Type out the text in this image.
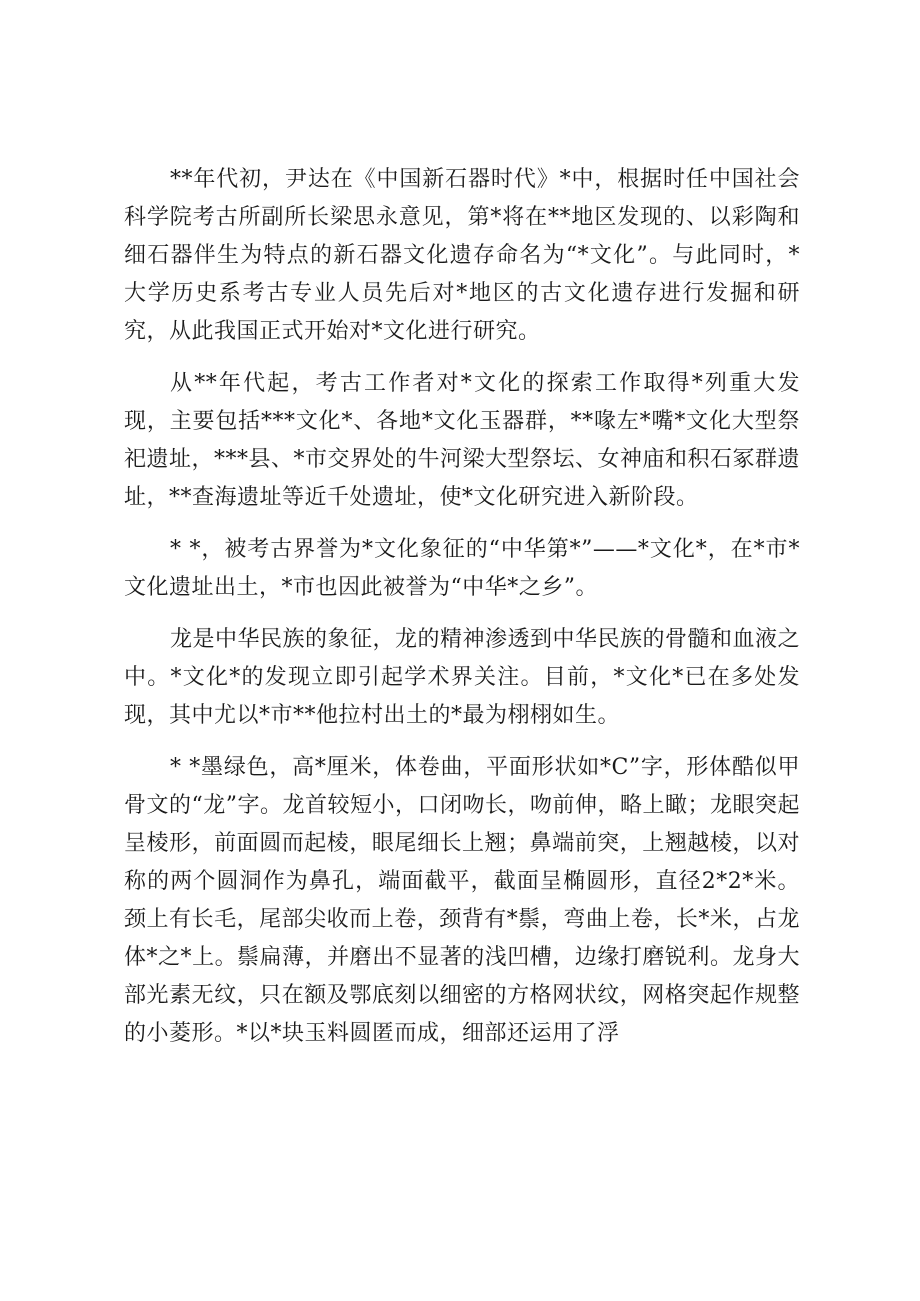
**年代初，尹达在《中国新石器时代》*中，根据时任中国社会科学院考古所副所长梁思永意见，第*将在**地区发现的、以彩陶和细石器伴生为特点的新石器文化遗存命名为“*文化”。与此同时，*大学历史系考古专业人员先后对*地区的古文化遗存进行发掘和研究，从此我国正式开始对*文化进行研究。

从**年代起，考古工作者对*文化的探索工作取得*列重大发现，主要包括***文化*、各地*文化玉器群，**喙左*嘴*文化大型祭祀遗址，***县、*市交界处的牛河梁大型祭坛、女神庙和积石冢群遗址，**查海遗址等近千处遗址，使*文化研究进入新阶段。

* *，被考古界誉为*文化象征的“中华第*”——*文化*，在*市*文化遗址出土，*市也因此被誉为“中华*之乡”。

龙是中华民族的象征，龙的精神渗透到中华民族的骨髓和血液之中。*文化*的发现立即引起学术界关注。目前，*文化*已在多处发现，其中尤以*市**他拉村出土的*最为栩栩如生。

* *墨绿色，高*厘米，体卷曲，平面形状如*C”字，形体酷似甲骨文的“龙”字。龙首较短小，口闭吻长，吻前伸，略上瞰；龙眼突起呈棱形，前面圆而起棱，眼尾细长上翘；鼻端前突，上翘越棱，以对称的两个圆洞作为鼻孔，端面截平，截面呈椭圆形，直径2*2*米。颈上有长毛，尾部尖收而上卷，颈背有*鬃，弯曲上卷，长*米，占龙体*之*上。鬃扁薄，并磨出不显著的浅凹槽，边缘打磨锐利。龙身大部光素无纹，只在额及鄂底刻以细密的方格网状纹，网格突起作规整的小菱形。*以*块玉料圆匿而成，细部还运用了浮
